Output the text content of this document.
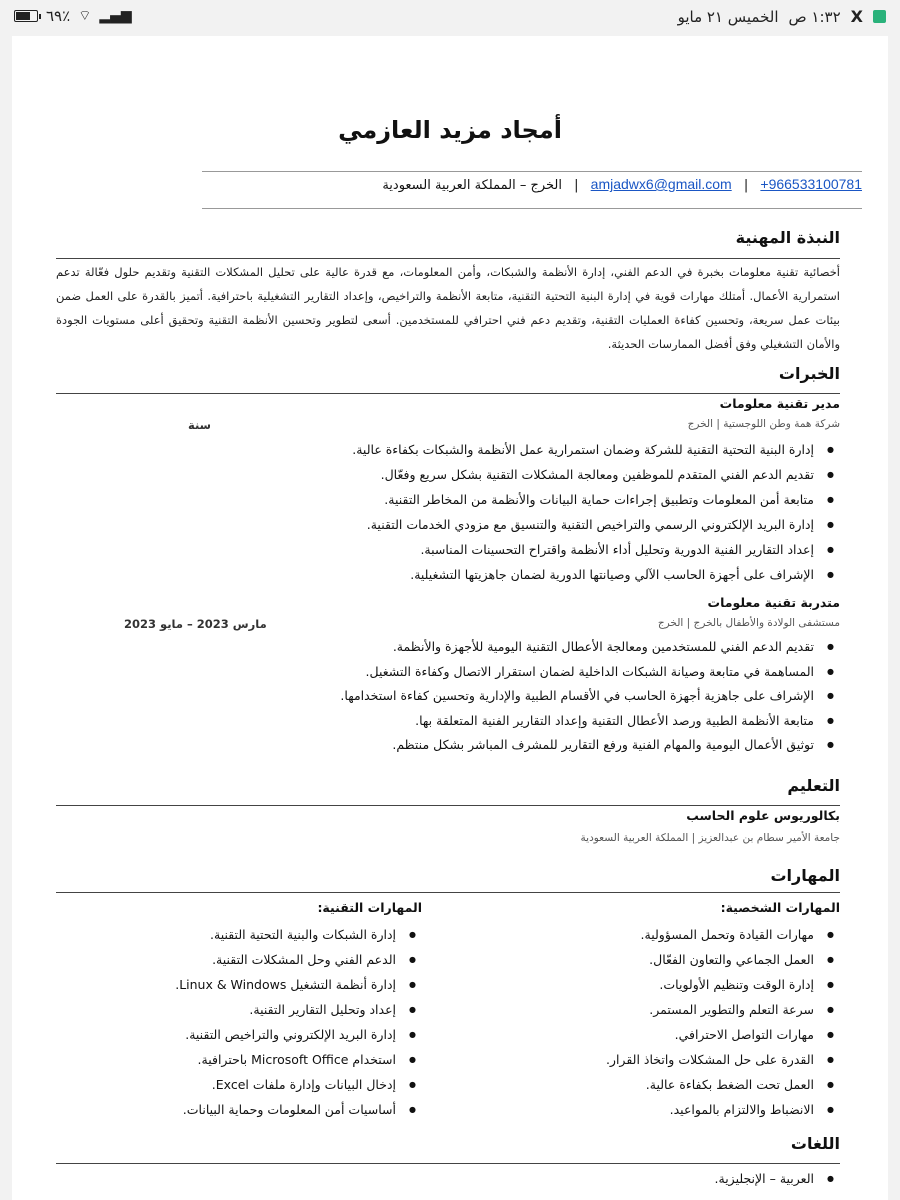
٦٩٪ ⌔ ▂▄▆	X
١:٣٢ ص
الخميس ٢١ مايو
أمجاد مزيد العازمي
+966533100781 | amjadwx6@gmail.com | الخرج – المملكة العربية السعودية
النبذة المهنية
أخصائية تقنية معلومات بخبرة في الدعم الفني، إدارة الأنظمة والشبكات، وأمن المعلومات، مع قدرة عالية على تحليل المشكلات التقنية وتقديم حلول فعّالة تدعم استمرارية الأعمال. أمتلك مهارات قوية في إدارة البنية التحتية التقنية، متابعة الأنظمة والتراخيص، وإعداد التقارير التشغيلية باحترافية. أتميز بالقدرة على العمل ضمن بيئات عمل سريعة، وتحسين كفاءة العمليات التقنية، وتقديم دعم فني احترافي للمستخدمين. أسعى لتطوير وتحسين الأنظمة التقنية وتحقيق أعلى مستويات الجودة والأمان التشغيلي وفق أفضل الممارسات الحديثة.
الخبرات
مدير تقنية معلومات
شركة همة وطن اللوجستية | الخرج
سنة
● إدارة البنية التحتية التقنية للشركة وضمان استمرارية عمل الأنظمة والشبكات بكفاءة عالية.
● تقديم الدعم الفني المتقدم للموظفين ومعالجة المشكلات التقنية بشكل سريع وفعّال.
● متابعة أمن المعلومات وتطبيق إجراءات حماية البيانات والأنظمة من المخاطر التقنية.
● إدارة البريد الإلكتروني الرسمي والتراخيص التقنية والتنسيق مع مزودي الخدمات التقنية.
● إعداد التقارير الفنية الدورية وتحليل أداء الأنظمة واقتراح التحسينات المناسبة.
● الإشراف على أجهزة الحاسب الآلي وصيانتها الدورية لضمان جاهزيتها التشغيلية.
متدربة تقنية معلومات
مستشفى الولادة والأطفال بالخرج | الخرج
مارس 2023 – مايو 2023
● تقديم الدعم الفني للمستخدمين ومعالجة الأعطال التقنية اليومية للأجهزة والأنظمة.
● المساهمة في متابعة وصيانة الشبكات الداخلية لضمان استقرار الاتصال وكفاءة التشغيل.
● الإشراف على جاهزية أجهزة الحاسب في الأقسام الطبية والإدارية وتحسين كفاءة استخدامها.
● متابعة الأنظمة الطبية ورصد الأعطال التقنية وإعداد التقارير الفنية المتعلقة بها.
● توثيق الأعمال اليومية والمهام الفنية ورفع التقارير للمشرف المباشر بشكل منتظم.
التعليم
بكالوريوس علوم الحاسب
جامعة الأمير سطام بن عبدالعزيز | المملكة العربية السعودية
المهارات
المهارات الشخصية:
المهارات التقنية:
● مهارات القيادة وتحمل المسؤولية.
● العمل الجماعي والتعاون الفعّال.
● إدارة الوقت وتنظيم الأولويات.
● سرعة التعلم والتطوير المستمر.
● مهارات التواصل الاحترافي.
● القدرة على حل المشكلات واتخاذ القرار.
● العمل تحت الضغط بكفاءة عالية.
● الانضباط والالتزام بالمواعيد.
● إدارة الشبكات والبنية التحتية التقنية.
● الدعم الفني وحل المشكلات التقنية.
● إدارة أنظمة التشغيل Linux & Windows.
● إعداد وتحليل التقارير التقنية.
● إدارة البريد الإلكتروني والتراخيص التقنية.
● استخدام Microsoft Office باحترافية.
● إدخال البيانات وإدارة ملفات Excel.
● أساسيات أمن المعلومات وحماية البيانات.
اللغات
● العربية – الإنجليزية.
